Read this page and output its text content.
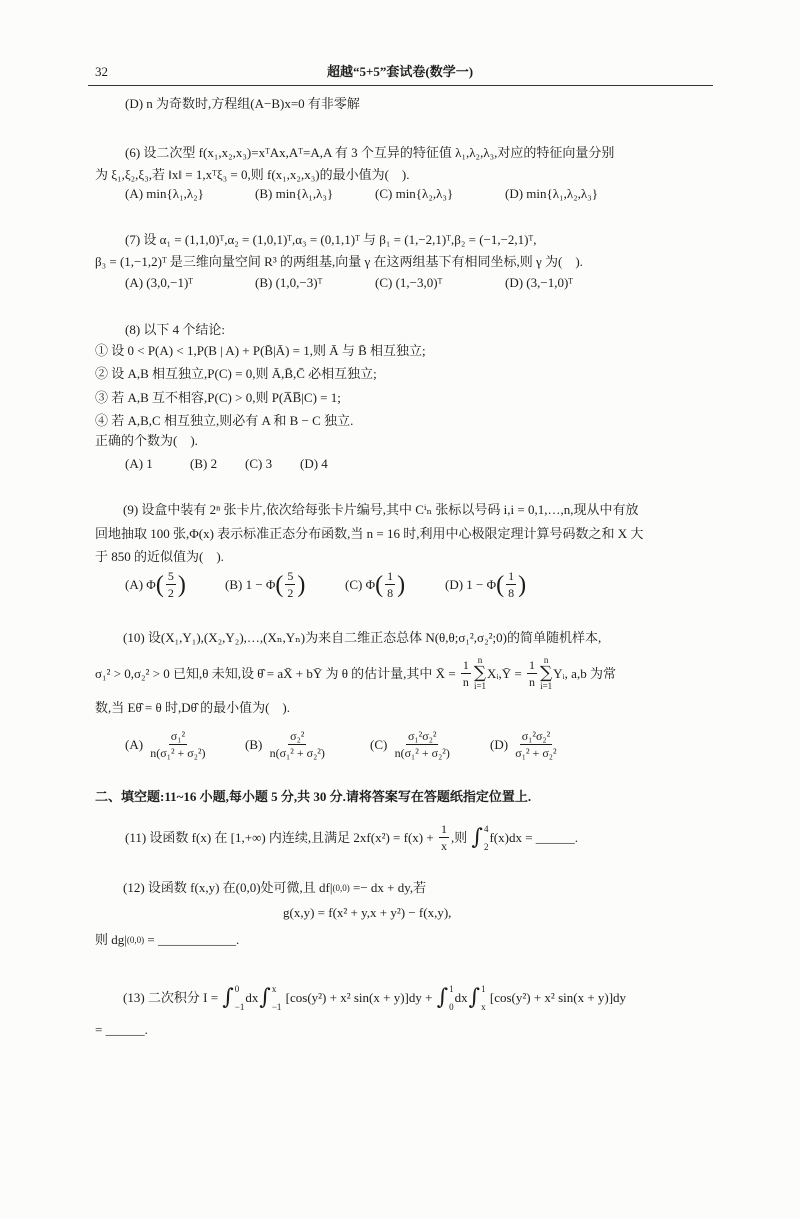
32	超越“5+5”套试卷(数学一)
(D) n 为奇数时,方程组(A−B)x=0 有非零解
(6) 设二次型 f(x₁,x₂,x₃)=xᵀAx,Aᵀ=A,A 有 3 个互异的特征值 λ₁,λ₂,λ₃,对应的特征向量分别
为 ξ₁,ξ₂,ξ₃,若 ‖x‖ = 1,xᵀξ₃ = 0,则 f(x₁,x₂,x₃)的最小值为(    ).
(A) min{λ₁,λ₂}	(B) min{λ₁,λ₃}	(C) min{λ₂,λ₃}	(D) min{λ₁,λ₂,λ₃}
(7) 设 α₁ = (1,1,0)ᵀ,α₂ = (1,0,1)ᵀ,α₃ = (0,1,1)ᵀ 与 β₁ = (1,−2,1)ᵀ,β₂ = (−1,−2,1)ᵀ,
β₃ = (1,−1,2)ᵀ 是三维向量空间 R³ 的两组基,向量 γ 在这两组基下有相同坐标,则 γ 为(    ).
(A) (3,0,−1)ᵀ	(B) (1,0,−3)ᵀ	(C) (1,−3,0)ᵀ	(D) (3,−1,0)ᵀ
(8) 以下 4 个结论:
① 设 0 < P(A) < 1,P(B | A) + P(B̄|Ā) = 1,则 Ā 与 B̄ 相互独立;
② 设 A,B 相互独立,P(C) = 0,则 Ā,B̄,C̄ 必相互独立;
③ 若 A,B 互不相容,P(C) > 0,则 P(A̅B̅|C) = 1;
④ 若 A,B,C 相互独立,则必有 A 和 B − C 独立.
正确的个数为(    ).
(A) 1	(B) 2 (C) 3 (D) 4
(9) 设盒中装有 2ⁿ 张卡片,依次给每张卡片编号,其中 Cⁱₙ 张标以号码 i,i = 0,1,…,n,现从中有放
回地抽取 100 张,Φ(x) 表示标准正态分布函数,当 n = 16 时,利用中心极限定理计算号码数之和 X 大
于 850 的近似值为(    ).
(A) Φ ( $\frac{5}{2}$ )	(B) 1 − Φ ( $\frac{5}{2}$ )	(C) Φ ( $\frac{1}{8}$ )	(D) 1 − Φ ( $\frac{1}{8}$ )
(10) 设(X₁,Y₁),(X₂,Y₂),…,(Xₙ,Yₙ)为来自二维正态总体 N(θ,θ;σ₁²,σ₂²;0)的简单随机样本,
σ₁² > 0,σ₂² > 0 已知,θ 未知,设 θ̂ = aX̄ + bȲ 为 θ 的估计量,其中 X̄ = $\frac{1}{n}$ n
∑
i=1
Xᵢ,Ȳ = $\frac{1}{n}$ n
∑
i=1
Yᵢ, a,b 为常
数,当 Eθ̂ = θ 时,Dθ̂ 的最小值为(    ).
$(A) \frac{\text{σ₁²}}{\text{n(σ₁² + σ₂²)}}$	$(B) \frac{\text{σ₂²}}{\text{n(σ₁² + σ₂²)}}$	$(C) \frac{\text{σ₁²σ₂²}}{\text{n(σ₁² + σ₂²)}}$	$(D) \frac{\text{σ₁²σ₂²}}{\text{σ₁² + σ₂²}}$
二、填空题:11~16 小题,每小题 5 分,共 30 分.请将答案写在答题纸指定位置上.
(11) 设函数 f(x) 在 [1,+∞) 内连续,且满足 $2xf(x^2) = f(x) + \frac{1}{x}$ ,则 ∫ 4
2
f(x)dx = ______ .
(12) 设函数 f(x,y) 在(0,0)处可微,且 df| (0,0) =− dx + dy,若
g(x,y) = f(x² + y,x + y²) − f(x,y),
则 dg| (0,0) = ____________ .
(13) 二次积分 I = ∫ 0
−1
dx ∫ x
−1
[cos(y²) + x² sin(x + y)]dy + ∫ 1
0
dx ∫ 1
x
[cos(y²) + x² sin(x + y)]dy
= ______ .
